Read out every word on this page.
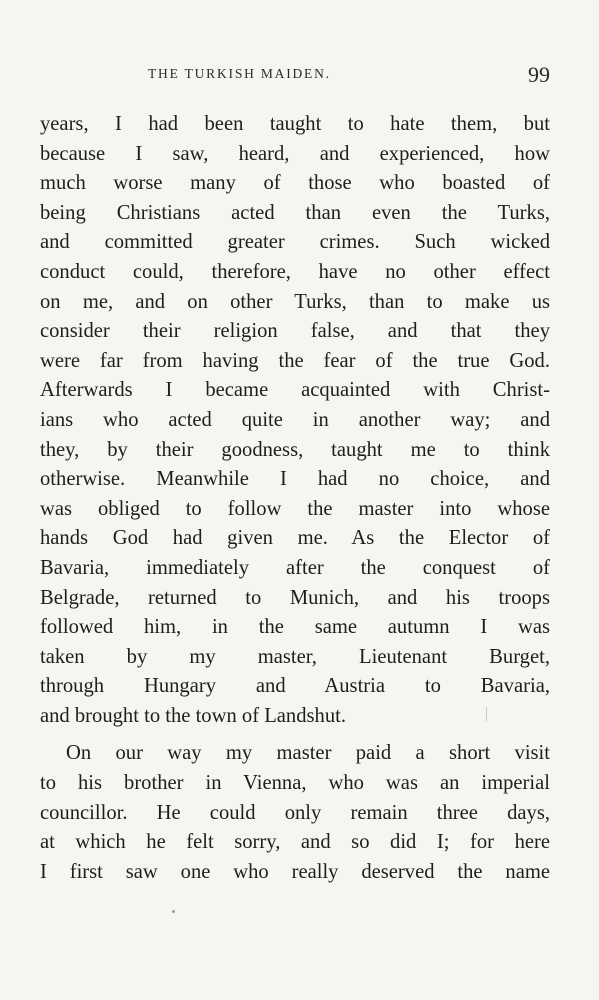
THE TURKISH MAIDEN.	99
years, I had been taught to hate them, but
because I saw, heard, and experienced, how
much worse many of those who boasted of
being Christians acted than even the Turks,
and committed greater crimes. Such wicked
conduct could, therefore, have no other effect
on me, and on other Turks, than to make us
consider their religion false, and that they
were far from having the fear of the true God.
Afterwards I became acquainted with Christ-
ians who acted quite in another way; and
they, by their goodness, taught me to think
otherwise. Meanwhile I had no choice, and
was obliged to follow the master into whose
hands God had given me. As the Elector of
Bavaria, immediately after the conquest of
Belgrade, returned to Munich, and his troops
followed him, in the same autumn I was
taken by my master, Lieutenant Burget,
through Hungary and Austria to Bavaria,
and brought to the town of Landshut.
On our way my master paid a short visit
to his brother in Vienna, who was an imperial
councillor. He could only remain three days,
at which he felt sorry, and so did I; for here
I first saw one who really deserved the name
